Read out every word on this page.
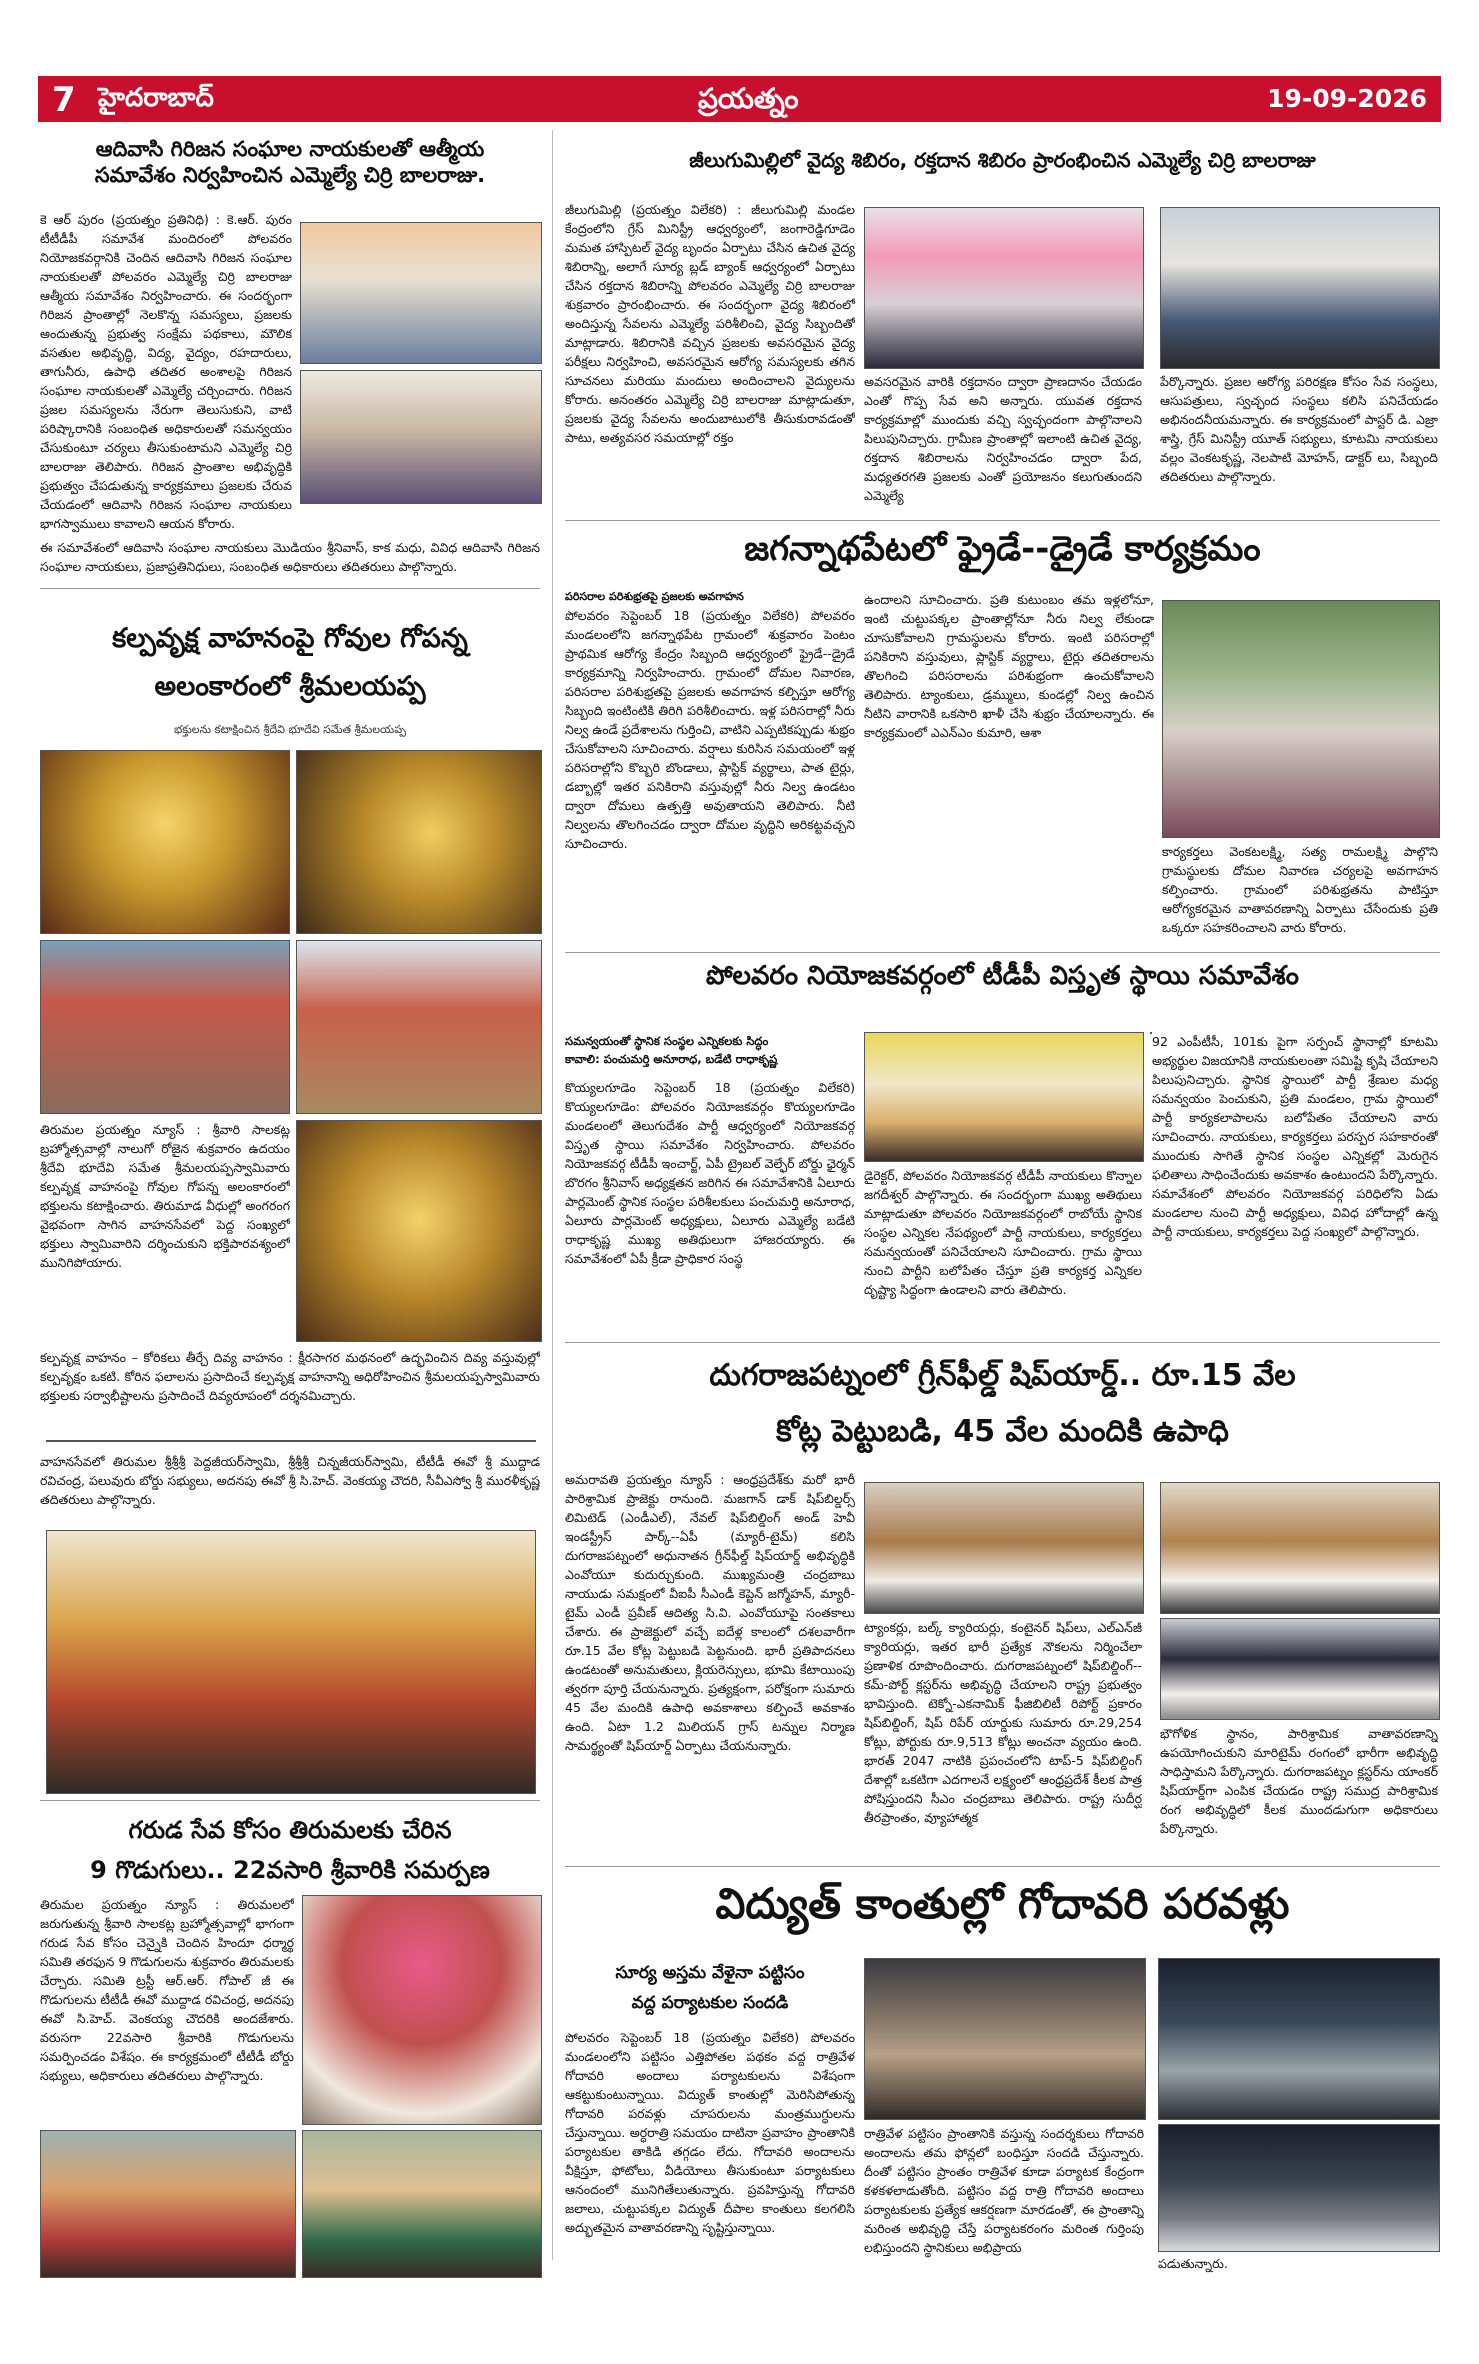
7 హైదరాబాద్	ప్రయత్నం	19-09-2026
ఆదివాసి గిరిజన సంఘాల నాయకులతో ఆత్మీయ
సమావేశం నిర్వహించిన ఎమ్మెల్యే చిర్రి బాలరాజు.
కె ఆర్ పురం (ప్రయత్నం ప్రతినిధి) : కె.ఆర్. పురం టీటీడీపీ సమావేశ మందిరంలో పోలవరం నియోజకవర్గానికి చెందిన ఆదివాసి గిరిజన సంఘాల నాయకులతో పోలవరం ఎమ్మెల్యే చిర్రి బాలరాజు ఆత్మీయ సమావేశం నిర్వహించారు. ఈ సందర్భంగా గిరిజన ప్రాంతాల్లో నెలకొన్న సమస్యలు, ప్రజలకు అందుతున్న ప్రభుత్వ సంక్షేమ పథకాలు, మౌలిక వసతుల అభివృద్ధి, విద్య, వైద్యం, రహదారులు, తాగునీరు, ఉపాధి తదితర అంశాలపై గిరిజన సంఘాల నాయకులతో ఎమ్మెల్యే చర్చించారు. గిరిజన ప్రజల సమస్యలను నేరుగా తెలుసుకుని, వాటి పరిష్కారానికి సంబంధిత అధికారులతో సమన్వయం చేసుకుంటూ చర్యలు తీసుకుంటామని ఎమ్మెల్యే చిర్రి బాలరాజు తెలిపారు. గిరిజన ప్రాంతాల అభివృద్ధికి ప్రభుత్వం చేపడుతున్న కార్యక్రమాలు ప్రజలకు చేరువ చేయడంలో ఆదివాసి గిరిజన సంఘాల నాయకులు భాగస్వాములు కావాలని ఆయన కోరారు.
ఈ సమావేశంలో ఆదివాసి సంఘాల నాయకులు మొడియం శ్రీనివాస్, కాక మధు, వివిధ ఆదివాసి గిరిజన సంఘాల నాయకులు, ప్రజాప్రతినిధులు, సంబంధిత అధికారులు తదితరులు పాల్గొన్నారు.
కల్పవృక్ష వాహనంపై గోవుల గోపన్న
అలంకారంలో శ్రీమలయప్ప
భక్తులను కటాక్షించిన శ్రీదేవి భూదేవి సమేత శ్రీమలయప్ప
తిరుమల ప్రయత్నం న్యూస్ : శ్రీవారి సాలకట్ల బ్రహ్మోత్సవాల్లో నాలుగో రోజైన శుక్రవారం ఉదయం శ్రీదేవి భూదేవి సమేత శ్రీమలయప్పస్వామివారు కల్పవృక్ష వాహనంపై గోవుల గోపన్న అలంకారంలో భక్తులను కటాక్షించారు. తిరుమాడ వీధుల్లో అంగరంగ వైభవంగా సాగిన వాహనసేవలో పెద్ద సంఖ్యలో భక్తులు స్వామివారిని దర్శించుకుని భక్తిపారవశ్యంలో మునిగిపోయారు.
కల్పవృక్ష వాహనం – కోరికలు తీర్చే దివ్య వాహనం : క్షీరసాగర మథనంలో ఉద్భవించిన దివ్య వస్తువుల్లో కల్పవృక్షం ఒకటి. కోరిన ఫలాలను ప్రసాదించే కల్పవృక్ష వాహనాన్ని అధిరోహించిన శ్రీమలయప్పస్వామివారు భక్తులకు సర్వాభీష్టాలను ప్రసాదించే దివ్యరూపంలో దర్శనమిచ్చారు.
వాహనసేవలో తిరుమల శ్రీశ్రీశ్రీ పెద్దజీయర్‌స్వామి, శ్రీశ్రీశ్రీ చిన్నజీయర్‌స్వామి, టీటీడీ ఈవో శ్రీ ముద్దాడ రవిచంద్ర, పలువురు బోర్డు సభ్యులు, అదనపు ఈవో శ్రీ సి.హెచ్. వెంకయ్య చౌదరి, సీవీఎస్వో శ్రీ మురళీకృష్ణ తదితరులు పాల్గొన్నారు.
గరుడ సేవ కోసం తిరుమలకు చేరిన
9 గొడుగులు.. 22వసారి శ్రీవారికి సమర్పణ
తిరుమల ప్రయత్నం న్యూస్ : తిరుమలలో జరుగుతున్న శ్రీవారి సాలకట్ల బ్రహ్మోత్సవాల్లో భాగంగా గరుడ సేవ కోసం చెన్నైకి చెందిన హిందూ ధర్మార్థ సమితి తరఫున 9 గొడుగులను శుక్రవారం తిరుమలకు చేర్చారు. సమితి ట్రస్టీ ఆర్.ఆర్. గోపాల్ జీ ఈ గొడుగులను టీటీడీ ఈవో ముద్దాడ రవిచంద్ర, అదనపు ఈవో సి.హెచ్. వెంకయ్య చౌదరికి అందజేశారు. వరుసగా 22వసారి శ్రీవారికి గొడుగులను సమర్పించడం విశేషం. ఈ కార్యక్రమంలో టీటీడీ బోర్డు సభ్యులు, అధికారులు తదితరులు పాల్గొన్నారు.
జీలుగుమిల్లిలో వైద్య శిబిరం, రక్తదాన శిబిరం ప్రారంభించిన ఎమ్మెల్యే చిర్రి బాలరాజు
జీలుగుమిల్లి (ప్రయత్నం విలేకరి) : జీలుగుమిల్లి మండల కేంద్రంలోని గ్రేస్ మినిస్ట్రీ ఆధ్వర్యంలో, జంగారెడ్డిగూడెం మమత హాస్పిటల్ వైద్య బృందం ఏర్పాటు చేసిన ఉచిత వైద్య శిబిరాన్ని, అలాగే సూర్య బ్లడ్ బ్యాంక్ ఆధ్వర్యంలో ఏర్పాటు చేసిన రక్తదాన శిబిరాన్ని పోలవరం ఎమ్మెల్యే చిర్రి బాలరాజు శుక్రవారం ప్రారంభించారు. ఈ సందర్భంగా వైద్య శిబిరంలో అందిస్తున్న సేవలను ఎమ్మెల్యే పరిశీలించి, వైద్య సిబ్బందితో మాట్లాడారు. శిబిరానికి వచ్చిన ప్రజలకు అవసరమైన వైద్య పరీక్షలు నిర్వహించి, అవసరమైన ఆరోగ్య సమస్యలకు తగిన సూచనలు మరియు మందులు అందించాలని వైద్యులను కోరారు. అనంతరం ఎమ్మెల్యే చిర్రి బాలరాజు మాట్లాడుతూ, ప్రజలకు వైద్య సేవలను అందుబాటులోకి తీసుకురావడంతో పాటు, అత్యవసర సమయాల్లో రక్తం
అవసరమైన వారికి రక్తదానం ద్వారా ప్రాణదానం చేయడం ఎంతో గొప్ప సేవ అని అన్నారు. యువత రక్తదాన కార్యక్రమాల్లో ముందుకు వచ్చి స్వచ్ఛందంగా పాల్గొనాలని పిలుపునిచ్చారు. గ్రామీణ ప్రాంతాల్లో ఇలాంటి ఉచిత వైద్య, రక్తదాన శిబిరాలను నిర్వహించడం ద్వారా పేద, మధ్యతరగతి ప్రజలకు ఎంతో ప్రయోజనం కలుగుతుందని ఎమ్మెల్యే
పేర్కొన్నారు. ప్రజల ఆరోగ్య పరిరక్షణ కోసం సేవ సంస్థలు, ఆసుపత్రులు, స్వచ్ఛంద సంస్థలు కలిసి పనిచేయడం అభినందనీయమన్నారు. ఈ కార్యక్రమంలో పాస్టర్ డి. ఎజ్రా శాస్త్రి, గ్రేస్ మినిస్ట్రీ యూత్ సభ్యులు, కూటమి నాయకులు వల్లం వెంకటకృష్ణ, నెలపాటి మోహన్, డాక్టర్ లు, సిబ్బంది తదితరులు పాల్గొన్నారు.
జగన్నాథపేటలో ఫ్రైడే--డ్రైడే కార్యక్రమం
పరిసరాల పరిశుభ్రతపై ప్రజలకు అవగాహన
పోలవరం సెప్టెంబర్ 18 (ప్రయత్నం విలేకరి) పోలవరం మండలంలోని జగన్నాథపేట గ్రామంలో శుక్రవారం పెంటం ప్రాథమిక ఆరోగ్య కేంద్రం సిబ్బంది ఆధ్వర్యంలో ఫ్రైడే--డ్రైడే కార్యక్రమాన్ని నిర్వహించారు. గ్రామంలో దోమల నివారణ, పరిసరాల పరిశుభ్రతపై ప్రజలకు అవగాహన కల్పిస్తూ ఆరోగ్య సిబ్బంది ఇంటింటికి తిరిగి పరిశీలించారు. ఇళ్ల పరిసరాల్లో నీరు నిల్వ ఉండే ప్రదేశాలను గుర్తించి, వాటిని ఎప్పటికప్పుడు శుభ్రం చేసుకోవాలని సూచించారు. వర్షాలు కురిసిన సమయంలో ఇళ్ల పరిసరాల్లోని కొబ్బరి బొండాలు, ప్లాస్టిక్ వ్యర్థాలు, పాత టైర్లు, డబ్బాల్లో ఇతర పనికిరాని వస్తువుల్లో నీరు నిల్వ ఉండటం ద్వారా దోమలు ఉత్పత్తి అవుతాయని తెలిపారు. నీటి నిల్వలను తొలగించడం ద్వారా దోమల వృద్ధిని అరికట్టవచ్చని సూచించారు.
ఉందాలని సూచించారు. ప్రతి కుటుంబం తమ ఇళ్లలోనూ, ఇంటి చుట్టుపక్కల ప్రాంతాల్లోనూ నీరు నిల్వ లేకుండా చూసుకోవాలని గ్రామస్థులను కోరారు. ఇంటి పరిసరాల్లో పనికిరాని వస్తువులు, ప్లాస్టిక్ వ్యర్థాలు, టైర్లు తదితరాలను తొలగించి పరిసరాలను పరిశుభ్రంగా ఉంచుకోవాలని తెలిపారు. ట్యాంకులు, డ్రమ్ములు, కుండల్లో నిల్వ ఉంచిన నీటిని వారానికి ఒకసారి ఖాళీ చేసి శుభ్రం చేయాలన్నారు. ఈ కార్యక్రమంలో ఎఎన్ఎం కుమారి, ఆశా
కార్యకర్తలు వెంకటలక్ష్మి, సత్య రామలక్ష్మి పాల్గొని గ్రామస్థులకు దోమల నివారణ చర్యలపై అవగాహన కల్పించారు. గ్రామంలో పరిశుభ్రతను పాటిస్తూ ఆరోగ్యకరమైన వాతావరణాన్ని ఏర్పాటు చేసేందుకు ప్రతి ఒక్కరూ సహకరించాలని వారు కోరారు.
పోలవరం నియోజకవర్గంలో టీడీపీ విస్తృత స్థాయి సమావేశం
సమన్వయంతో స్థానిక సంస్థల ఎన్నికలకు సిద్ధం
కావాలి: పంచుమర్తి అనూరాధ, బడేటి రాధాకృష్ణ
కొయ్యలగూడెం సెప్టెంబర్ 18 (ప్రయత్నం విలేకరి) కొయ్యలగూడెం: పోలవరం నియోజకవర్గం కొయ్యలగూడెం మండలంలో తెలుగుదేశం పార్టీ ఆధ్వర్యంలో నియోజకవర్గ విస్తృత స్థాయి సమావేశం నిర్వహించారు. పోలవరం నియోజకవర్గ టీడీపీ ఇంచార్జ్, ఏపీ ట్రైబల్ వెల్ఫేర్ బోర్డు ఛైర్మన్ బొరగం శ్రీనివాస్ అధ్యక్షతన జరిగిన ఈ సమావేశానికి ఏలూరు పార్లమెంట్ స్థానిక సంస్థల పరిశీలకులు పంచుమర్తి అనూరాధ, ఏలూరు పార్లమెంట్ అధ్యక్షులు, ఏలూరు ఎమ్మెల్యే బడేటి రాధాకృష్ణ ముఖ్య అతిథులుగా హాజరయ్యారు. ఈ సమావేశంలో ఏపీ క్రీడా ప్రాధికార సంస్థ
డైరెక్టర్, పోలవరం నియోజకవర్గ టీడీపీ నాయకులు కొన్నాల జగదీశ్వర్ పాల్గొన్నారు. ఈ సందర్భంగా ముఖ్య అతిథులు మాట్లాడుతూ పోలవరం నియోజకవర్గంలో రాబోయే స్థానిక సంస్థల ఎన్నికల నేపథ్యంలో పార్టీ నాయకులు, కార్యకర్తలు సమన్వయంతో పనిచేయాలని సూచించారు. గ్రామ స్థాయి నుంచి పార్టీని బలోపేతం చేస్తూ ప్రతి కార్యకర్త ఎన్నికల దృష్ట్యా సిద్ధంగా ఉండాలని వారు తెలిపారు.
92 ఎంపీటీసీ, 101కు పైగా సర్పంచ్ స్థానాల్లో కూటమి అభ్యర్థుల విజయానికి నాయకులంతా సమిష్టి కృషి చేయాలని పిలుపునిచ్చారు. స్థానిక స్థాయిలో పార్టీ శ్రేణుల మధ్య సమన్వయం పెంచుకుని, ప్రతి మండలం, గ్రామ స్థాయిలో పార్టీ కార్యకలాపాలను బలోపేతం చేయాలని వారు సూచించారు. నాయకులు, కార్యకర్తలు పరస్పర సహకారంతో ముందుకు సాగితే స్థానిక సంస్థల ఎన్నికల్లో మెరుగైన ఫలితాలు సాధించేందుకు అవకాశం ఉంటుందని పేర్కొన్నారు. సమావేశంలో పోలవరం నియోజకవర్గ పరిధిలోని ఏడు మండలాల నుంచి పార్టీ అధ్యక్షులు, వివిధ హోదాల్లో ఉన్న పార్టీ నాయకులు, కార్యకర్తలు పెద్ద సంఖ్యలో పాల్గొన్నారు.
దుగరాజపట్నంలో గ్రీన్‌ఫీల్డ్ షిప్‌యార్డ్.. రూ.15 వేల
కోట్ల పెట్టుబడి, 45 వేల మందికి ఉపాధి
అమరావతి ప్రయత్నం న్యూస్ : ఆంధ్రప్రదేశ్‌కు మరో భారీ పారిశ్రామిక ప్రాజెక్టు రానుంది. మజగాన్ డాక్ షిప్‌బిల్డర్స్ లిమిటెడ్ (ఎండీఎల్), నేవల్ షిప్‌బిల్డింగ్ అండ్ హెవీ ఇండస్ట్రీస్ పార్క్--ఏపీ (మ్యారీ-టైమ్) కలిసి దుగరాజపట్నంలో అధునాతన గ్రీన్‌ఫీల్డ్ షిప్‌యార్డ్ అభివృద్ధికి ఎంవోయూ కుదుర్చుకుంది. ముఖ్యమంత్రి చంద్రబాబు నాయుడు సమక్షంలో వీఐపీ సీఎండీ కెప్టెన్ జగ్మోహన్, మ్యారీ-టైమ్ ఎండీ ప్రవీణ్ ఆదిత్య సి.వి. ఎంవోయూపై సంతకాలు చేశారు. ఈ ప్రాజెక్టులో వచ్చే ఐదేళ్ల కాలంలో దశలవారీగా రూ.15 వేల కోట్ల పెట్టుబడి పెట్టనుంది. భారీ ప్రతిపాదనలు ఉండటంతో అనుమతులు, క్లియరెన్సులు, భూమి కేటాయింపు త్వరగా పూర్తి చేయనున్నారు. ప్రత్యక్షంగా, పరోక్షంగా సుమారు 45 వేల మందికి ఉపాధి అవకాశాలు కల్పించే అవకాశం ఉంది. ఏటా 1.2 మిలియన్ గ్రాస్ టన్నుల నిర్మాణ సామర్థ్యంతో షిప్‌యార్డ్ ఏర్పాటు చేయనున్నారు.
ట్యాంకర్లు, బల్క్ క్యారియర్లు, కంటైనర్ షిప్‌లు, ఎల్‌ఎన్‌జీ క్యారియర్లు, ఇతర భారీ ప్రత్యేక నౌకలను నిర్మించేలా ప్రణాళిక రూపొందించారు. దుగరాజపట్నంలో షిప్‌బిల్డింగ్--కమ్-పోర్ట్ క్లస్టర్‌ను అభివృద్ధి చేయాలని రాష్ట్ర ప్రభుత్వం భావిస్తుంది. టెక్నో-ఎకనామిక్ ఫీజిబిలిటీ రిపోర్ట్ ప్రకారం షిప్‌బిల్డింగ్, షిప్ రిపేర్ యార్డుకు సుమారు రూ.29,254 కోట్లు, పోర్టుకు రూ.9,513 కోట్లు అంచనా వ్యయం ఉంది. భారత్ 2047 నాటికి ప్రపంచంలోని టాప్-5 షిప్‌బిల్డింగ్ దేశాల్లో ఒకటిగా ఎదగాలనే లక్ష్యంలో ఆంధ్రప్రదేశ్ కీలక పాత్ర పోషిస్తుందని సీఎం చంద్రబాబు తెలిపారు. రాష్ట్ర సుదీర్ఘ తీరప్రాంతం, వ్యూహాత్మక
భౌగోళిక స్థానం, పారిశ్రామిక వాతావరణాన్ని ఉపయోగించుకుని మారిటైమ్ రంగంలో భారీగా అభివృద్ధి సాధిస్తామని పేర్కొన్నారు. దుగరాజపట్నం క్లస్టర్‌ను యాంకర్ షిప్‌యార్డ్‌గా ఎంపిక చేయడం రాష్ట్ర సముద్ర పారిశ్రామిక రంగ అభివృద్ధిలో కీలక ముందడుగుగా అధికారులు పేర్కొన్నారు.
విద్యుత్ కాంతుల్లో గోదావరి పరవళ్లు
సూర్య అస్తమ వేళైనా పట్టిసం
వద్ద పర్యాటకుల సందడి
పోలవరం సెప్టెంబర్ 18 (ప్రయత్నం విలేకరి) పోలవరం మండలంలోని పట్టిసం ఎత్తిపోతల పథకం వద్ద రాత్రివేళ గోదావరి అందాలు పర్యాటకులను విశేషంగా ఆకట్టుకుంటున్నాయి. విద్యుత్ కాంతుల్లో మెరిసిపోతున్న గోదావరి పరవళ్లు చూపరులను మంత్రముగ్ధులను చేస్తున్నాయి. అర్ధరాత్రి సమయం దాటినా ప్రవాహం ప్రాంతానికి పర్యాటకుల తాకిడి తగ్గడం లేదు. గోదావరి అందాలను వీక్షిస్తూ, ఫోటోలు, వీడియోలు తీసుకుంటూ పర్యాటకులు ఆనందంలో మునిగితేలుతున్నారు. ప్రవహిస్తున్న గోదావరి జలాలు, చుట్టుపక్కల విద్యుత్ దీపాల కాంతులు కలగలిసి అద్భుతమైన వాతావరణాన్ని సృష్టిస్తున్నాయి.
రాత్రివేళ పట్టిసం ప్రాంతానికి వస్తున్న సందర్శకులు గోదావరి అందాలను తమ ఫోన్లలో బంధిస్తూ సందడి చేస్తున్నారు. దీంతో పట్టిసం ప్రాంతం రాత్రివేళ కూడా పర్యాటక కేంద్రంగా కళకళలాడుతోంది. పట్టిసం వద్ద రాత్రి గోదావరి అందాలు పర్యాటకులకు ప్రత్యేక ఆకర్షణగా మారడంతో, ఈ ప్రాంతాన్ని మరింత అభివృద్ధి చేస్తే పర్యాటకరంగం మరింత గుర్తింపు లభిస్తుందని స్థానికులు అభిప్రాయ
పడుతున్నారు.
